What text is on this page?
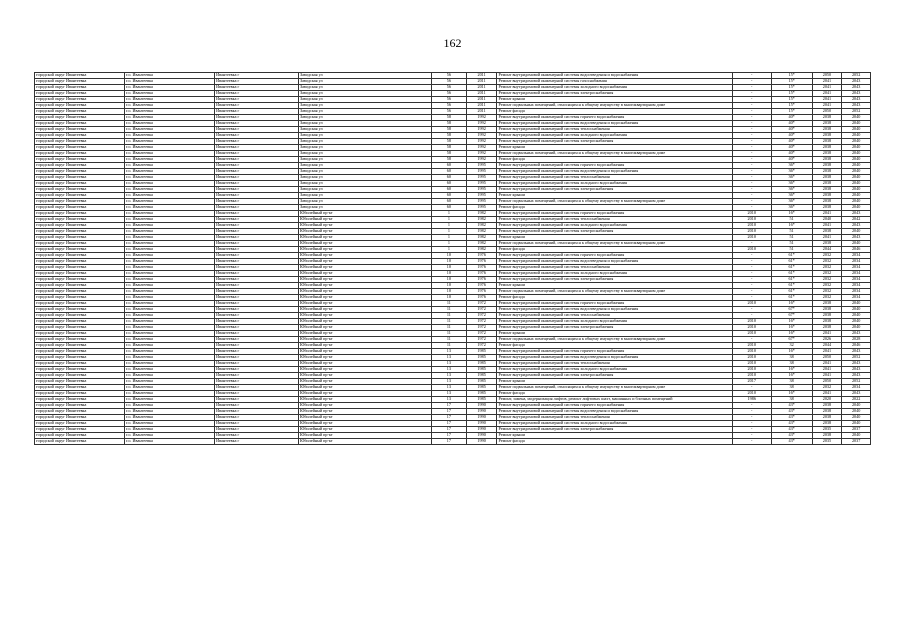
162
городской округ Ивантеевка	г.о. Ивантеевка	Ивантеевка г	Заводская ул	56	2011	Ремонт внутридомовой инженерной системы водоотведения и водоснабжения	-	15*	2050	2052
городской округ Ивантеевка	г.о. Ивантеевка	Ивантеевка г	Заводская ул	56	2011	Ремонт внутридомовой инженерной системы газоснабжения	-	15*	2041	2043
городской округ Ивантеевка	г.о. Ивантеевка	Ивантеевка г	Заводская ул	56	2011	Ремонт внутридомовой инженерной системы холодного водоснабжения	-	15*	2041	2043
городской округ Ивантеевка	г.о. Ивантеевка	Ивантеевка г	Заводская ул	56	2011	Ремонт внутридомовой инженерной системы электроснабжения	-	15*	2041	2043
городской округ Ивантеевка	г.о. Ивантеевка	Ивантеевка г	Заводская ул	56	2011	Ремонт крыши	-	15*	2041	2043
городской округ Ивантеевка	г.о. Ивантеевка	Ивантеевка г	Заводская ул	56	2011	Ремонт подвальных помещений, относящихся к общему имуществу в многоквартирном доме	-	15*	2041	2043
городской округ Ивантеевка	г.о. Ивантеевка	Ивантеевка г	Заводская ул	56	2011	Ремонт фасада	-	15*	2050	2052
городской округ Ивантеевка	г.о. Ивантеевка	Ивантеевка г	Заводская ул	58	1992	Ремонт внутридомовой инженерной системы горячего водоснабжения	-	40*	2038	2040
городской округ Ивантеевка	г.о. Ивантеевка	Ивантеевка г	Заводская ул	58	1992	Ремонт внутридомовой инженерной системы водоотведения и водоснабжения	-	40*	2038	2040
городской округ Ивантеевка	г.о. Ивантеевка	Ивантеевка г	Заводская ул	58	1992	Ремонт внутридомовой инженерной системы теплоснабжения	-	40*	2038	2040
городской округ Ивантеевка	г.о. Ивантеевка	Ивантеевка г	Заводская ул	58	1992	Ремонт внутридомовой инженерной системы холодного водоснабжения	-	40*	2038	2040
городской округ Ивантеевка	г.о. Ивантеевка	Ивантеевка г	Заводская ул	58	1992	Ремонт внутридомовой инженерной системы электроснабжения	-	40*	2038	2040
городской округ Ивантеевка	г.о. Ивантеевка	Ивантеевка г	Заводская ул	58	1992	Ремонт крыши	-	40*	2038	2040
городской округ Ивантеевка	г.о. Ивантеевка	Ивантеевка г	Заводская ул	58	1992	Ремонт подвальных помещений, относящихся к общему имуществу в многоквартирном доме	-	40*	2038	2040
городской округ Ивантеевка	г.о. Ивантеевка	Ивантеевка г	Заводская ул	58	1992	Ремонт фасада	-	40*	2038	2040
городской округ Ивантеевка	г.о. Ивантеевка	Ивантеевка г	Заводская ул	60	1995	Ремонт внутридомовой инженерной системы горячего водоснабжения	-	36*	2038	2040
городской округ Ивантеевка	г.о. Ивантеевка	Ивантеевка г	Заводская ул	60	1995	Ремонт внутридомовой инженерной системы водоотведения и водоснабжения	-	36*	2038	2040
городской округ Ивантеевка	г.о. Ивантеевка	Ивантеевка г	Заводская ул	60	1995	Ремонт внутридомовой инженерной системы теплоснабжения	-	36*	2038	2040
городской округ Ивантеевка	г.о. Ивантеевка	Ивантеевка г	Заводская ул	60	1995	Ремонт внутридомовой инженерной системы холодного водоснабжения	-	36*	2038	2040
городской округ Ивантеевка	г.о. Ивантеевка	Ивантеевка г	Заводская ул	60	1995	Ремонт внутридомовой инженерной системы электроснабжения	-	36*	2038	2040
городской округ Ивантеевка	г.о. Ивантеевка	Ивантеевка г	Заводская ул	60	1995	Ремонт крыши	-	36*	2038	2040
городской округ Ивантеевка	г.о. Ивантеевка	Ивантеевка г	Заводская ул	60	1995	Ремонт подвальных помещений, относящихся к общему имуществу в многоквартирном доме	-	36*	2038	2040
городской округ Ивантеевка	г.о. Ивантеевка	Ивантеевка г	Заводская ул	60	1995	Ремонт фасада	-	36*	2038	2040
городской округ Ивантеевка	г.о. Ивантеевка	Ивантеевка г	Юбилейный пр-кт	1	1982	Ремонт внутридомовой инженерной системы горячего водоснабжения	2010	16*	2041	2043
городской округ Ивантеевка	г.о. Ивантеевка	Ивантеевка г	Юбилейный пр-кт	1	1982	Ремонт внутридомовой инженерной системы теплоснабжения	2010	51	2040	2042
городской округ Ивантеевка	г.о. Ивантеевка	Ивантеевка г	Юбилейный пр-кт	1	1982	Ремонт внутридомовой инженерной системы холодного водоснабжения	2010	16*	2041	2043
городской округ Ивантеевка	г.о. Ивантеевка	Ивантеевка г	Юбилейный пр-кт	1	1982	Ремонт внутридомовой инженерной системы электроснабжения	2010	51	2038	2040
городской округ Ивантеевка	г.о. Ивантеевка	Ивантеевка г	Юбилейный пр-кт	1	1982	Ремонт крыши	2010	51	2041	2043
городской округ Ивантеевка	г.о. Ивантеевка	Ивантеевка г	Юбилейный пр-кт	1	1982	Ремонт подвальных помещений, относящихся к общему имуществу в многоквартирном доме	-	51	2038	2040
городской округ Ивантеевка	г.о. Ивантеевка	Ивантеевка г	Юбилейный пр-кт	1	1982	Ремонт фасада	2010	51	2044	2046
городской округ Ивантеевка	г.о. Ивантеевка	Ивантеевка г	Юбилейный пр-кт	10	1976	Ремонт внутридомовой инженерной системы горячего водоснабжения	-	61*	2032	2034
городской округ Ивантеевка	г.о. Ивантеевка	Ивантеевка г	Юбилейный пр-кт	10	1976	Ремонт внутридомовой инженерной системы водоотведения и водоснабжения	-	61*	2032	2034
городской округ Ивантеевка	г.о. Ивантеевка	Ивантеевка г	Юбилейный пр-кт	10	1976	Ремонт внутридомовой инженерной системы теплоснабжения	-	61*	2032	2034
городской округ Ивантеевка	г.о. Ивантеевка	Ивантеевка г	Юбилейный пр-кт	10	1976	Ремонт внутридомовой инженерной системы холодного водоснабжения	-	61*	2032	2034
городской округ Ивантеевка	г.о. Ивантеевка	Ивантеевка г	Юбилейный пр-кт	10	1976	Ремонт внутридомовой инженерной системы электроснабжения	-	61*	2032	2034
городской округ Ивантеевка	г.о. Ивантеевка	Ивантеевка г	Юбилейный пр-кт	10	1976	Ремонт крыши	-	61*	2032	2034
городской округ Ивантеевка	г.о. Ивантеевка	Ивантеевка г	Юбилейный пр-кт	10	1976	Ремонт подвальных помещений, относящихся к общему имуществу в многоквартирном доме	-	61*	2032	2034
городской округ Ивантеевка	г.о. Ивантеевка	Ивантеевка г	Юбилейный пр-кт	10	1976	Ремонт фасада	-	61*	2032	2034
городской округ Ивантеевка	г.о. Ивантеевка	Ивантеевка г	Юбилейный пр-кт	11	1972	Ремонт внутридомовой инженерной системы горячего водоснабжения	2010	16*	2038	2040
городской округ Ивантеевка	г.о. Ивантеевка	Ивантеевка г	Юбилейный пр-кт	11	1972	Ремонт внутридомовой инженерной системы водоотведения и водоснабжения	-	67*	2038	2040
городской округ Ивантеевка	г.о. Ивантеевка	Ивантеевка г	Юбилейный пр-кт	11	1972	Ремонт внутридомовой инженерной системы теплоснабжения	-	67*	2038	2040
городской округ Ивантеевка	г.о. Ивантеевка	Ивантеевка г	Юбилейный пр-кт	11	1972	Ремонт внутридомовой инженерной системы холодного водоснабжения	2010	16*	2038	2040
городской округ Ивантеевка	г.о. Ивантеевка	Ивантеевка г	Юбилейный пр-кт	11	1972	Ремонт внутридомовой инженерной системы электроснабжения	2010	16*	2038	2040
городской округ Ивантеевка	г.о. Ивантеевка	Ивантеевка г	Юбилейный пр-кт	11	1972	Ремонт крыши	2010	16*	2041	2043
городской округ Ивантеевка	г.о. Ивантеевка	Ивантеевка г	Юбилейный пр-кт	11	1972	Ремонт подвальных помещений, относящихся к общему имуществу в многоквартирном доме	-	67*	2026	2028
городской округ Ивантеевка	г.о. Ивантеевка	Ивантеевка г	Юбилейный пр-кт	11	1972	Ремонт фасада	2010	32	2044	2046
городской округ Ивантеевка	г.о. Ивантеевка	Ивантеевка г	Юбилейный пр-кт	13	1985	Ремонт внутридомовой инженерной системы горячего водоснабжения	2010	16*	2041	2043
городской округ Ивантеевка	г.о. Ивантеевка	Ивантеевка г	Юбилейный пр-кт	13	1985	Ремонт внутридомовой инженерной системы водоотведения и водоснабжения	2010	38	2050	2052
городской округ Ивантеевка	г.о. Ивантеевка	Ивантеевка г	Юбилейный пр-кт	13	1985	Ремонт внутридомовой инженерной системы теплоснабжения	2010	38	2041	2043
городской округ Ивантеевка	г.о. Ивантеевка	Ивантеевка г	Юбилейный пр-кт	13	1985	Ремонт внутридомовой инженерной системы холодного водоснабжения	2010	16*	2041	2043
городской округ Ивантеевка	г.о. Ивантеевка	Ивантеевка г	Юбилейный пр-кт	13	1985	Ремонт внутридомовой инженерной системы электроснабжения	2010	16*	2041	2043
городской округ Ивантеевка	г.о. Ивантеевка	Ивантеевка г	Юбилейный пр-кт	13	1985	Ремонт крыши	2017	38	2050	2052
городской округ Ивантеевка	г.о. Ивантеевка	Ивантеевка г	Юбилейный пр-кт	13	1985	Ремонт подвальных помещений, относящихся к общему имуществу в многоквартирном доме	-	38	2032	2034
городской округ Ивантеевка	г.о. Ивантеевка	Ивантеевка г	Юбилейный пр-кт	13	1985	Ремонт фасада	2010	16*	2041	2043
городской округ Ивантеевка	г.о. Ивантеевка	Ивантеевка г	Юбилейный пр-кт	13	1985	Ремонт, замена, модернизация лифтов, ремонт лифтовых шахт, машинных и блочных помещений	1986	38	2020	2022
городской округ Ивантеевка	г.о. Ивантеевка	Ивантеевка г	Юбилейный пр-кт	17	1990	Ремонт внутридомовой инженерной системы горячего водоснабжения	-	43*	2038	2040
городской округ Ивантеевка	г.о. Ивантеевка	Ивантеевка г	Юбилейный пр-кт	17	1990	Ремонт внутридомовой инженерной системы водоотведения и водоснабжения	-	43*	2038	2040
городской округ Ивантеевка	г.о. Ивантеевка	Ивантеевка г	Юбилейный пр-кт	17	1990	Ремонт внутридомовой инженерной системы теплоснабжения	-	43*	2038	2040
городской округ Ивантеевка	г.о. Ивантеевка	Ивантеевка г	Юбилейный пр-кт	17	1990	Ремонт внутридомовой инженерной системы холодного водоснабжения	-	43*	2038	2040
городской округ Ивантеевка	г.о. Ивантеевка	Ивантеевка г	Юбилейный пр-кт	17	1990	Ремонт внутридомовой инженерной системы электроснабжения	-	43*	2035	2037
городской округ Ивантеевка	г.о. Ивантеевка	Ивантеевка г	Юбилейный пр-кт	17	1990	Ремонт крыши	-	43*	2038	2040
городской округ Ивантеевка	г.о. Ивантеевка	Ивантеевка г	Юбилейный пр-кт	17	1990	Ремонт фасада	-	43*	2035	2037
